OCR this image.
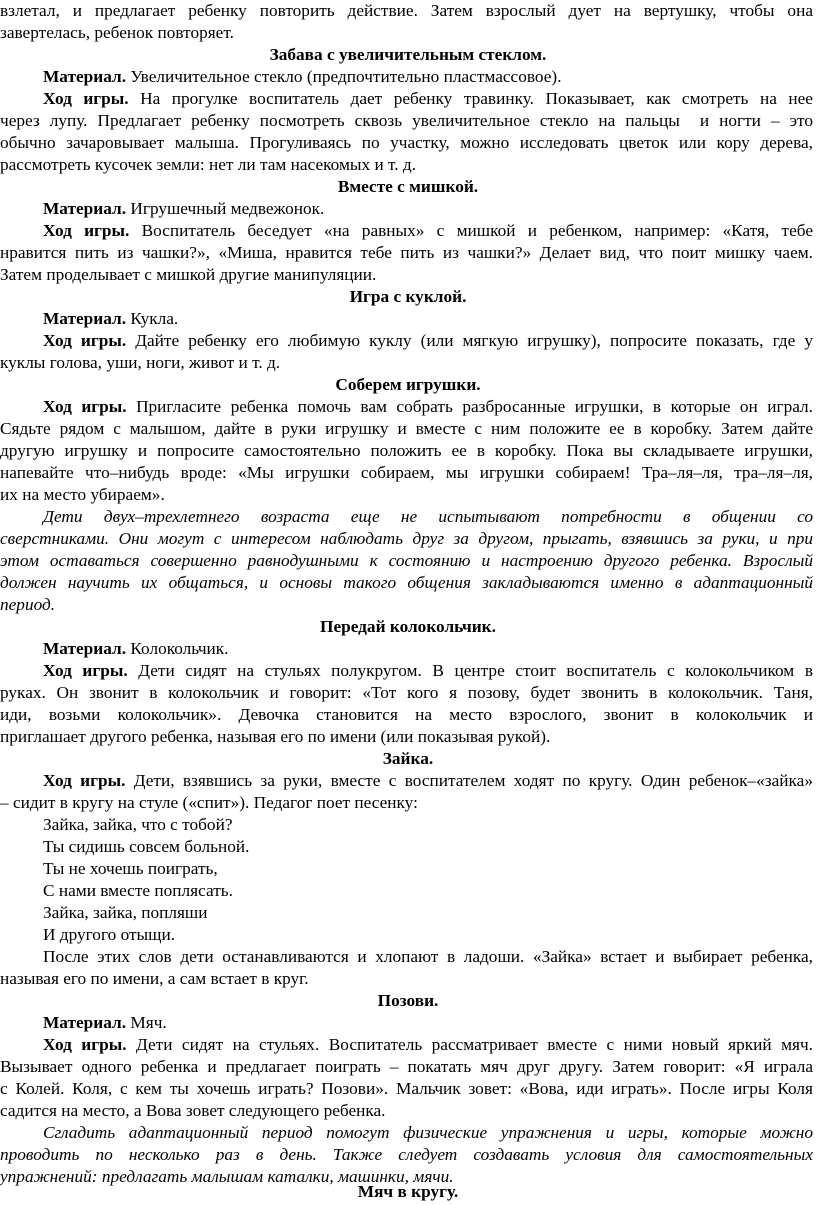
взлетал, и предлагает ребенку повторить действие. Затем взрослый дует на вертушку, чтобы она
завертелась, ребенок повторяет.
Забава с увеличительным стеклом.
Материал. Увеличительное стекло (предпочтительно пластмассовое).
Ход игры. На прогулке воспитатель дает ребенку травинку. Показывает, как смотреть на нее
через лупу. Предлагает ребенку посмотреть сквозь увеличительное стекло на пальцы  и ногти – это
обычно зачаровывает малыша. Прогуливаясь по участку, можно исследовать цветок или кору дерева,
рассмотреть кусочек земли: нет ли там насекомых и т. д.
Вместе с мишкой.
Материал. Игрушечный медвежонок.
Ход игры. Воспитатель беседует «на равных» с мишкой и ребенком, например: «Катя, тебе
нравится пить из чашки?», «Миша, нравится тебе пить из чашки?» Делает вид, что поит мишку чаем.
Затем проделывает с мишкой другие манипуляции.
Игра с куклой.
Материал. Кукла.
Ход игры. Дайте ребенку его любимую куклу (или мягкую игрушку), попросите показать, где у
куклы голова, уши, ноги, живот и т. д.
Соберем игрушки.
Ход игры. Пригласите ребенка помочь вам собрать разбросанные игрушки, в которые он играл.
Сядьте рядом с малышом, дайте в руки игрушку и вместе с ним положите ее в коробку. Затем дайте
другую игрушку и попросите самостоятельно положить ее в коробку. Пока вы складываете игрушки,
напевайте что–нибудь вроде: «Мы игрушки собираем, мы игрушки собираем! Тра–ля–ля, тра–ля–ля,
их на место убираем».
Дети двух–трехлетнего возраста еще не испытывают потребности в общении со
сверстниками. Они могут с интересом наблюдать друг за другом, прыгать, взявшись за руки, и при
этом оставаться совершенно равнодушными к состоянию и настроению другого ребенка. Взрослый
должен научить их общаться, и основы такого общения закладываются именно в адаптационный
период.
Передай колокольчик.
Материал. Колокольчик.
Ход игры. Дети сидят на стульях полукругом. В центре стоит воспитатель с колокольчиком в
руках. Он звонит в колокольчик и говорит: «Тот кого я позову, будет звонить в колокольчик. Таня,
иди, возьми колокольчик». Девочка становится на место взрослого, звонит в колокольчик и
приглашает другого ребенка, называя его по имени (или показывая рукой).
Зайка.
Ход игры. Дети, взявшись за руки, вместе с воспитателем ходят по кругу. Один ребенок–«зайка»
– сидит в кругу на стуле («спит»). Педагог поет песенку:
Зайка, зайка, что с тобой?
Ты сидишь совсем больной.
Ты не хочешь поиграть,
С нами вместе поплясать.
Зайка, зайка, попляши
И другого отыщи.
После этих слов дети останавливаются и хлопают в ладоши. «Зайка» встает и выбирает ребенка,
называя его по имени, а сам встает в круг.
Позови.
Материал. Мяч.
Ход игры. Дети сидят на стульях. Воспитатель рассматривает вместе с ними новый яркий мяч.
Вызывает одного ребенка и предлагает поиграть – покатать мяч друг другу. Затем говорит: «Я играла
с Колей. Коля, с кем ты хочешь играть? Позови». Мальчик зовет: «Вова, иди играть». После игры Коля
садится на место, а Вова зовет следующего ребенка.
Сгладить адаптационный период помогут физические упражнения и игры, которые можно
проводить по несколько раз в день. Также следует создавать условия для самостоятельных
упражнений: предлагать малышам каталки, машинки, мячи.
Мяч в кругу.
